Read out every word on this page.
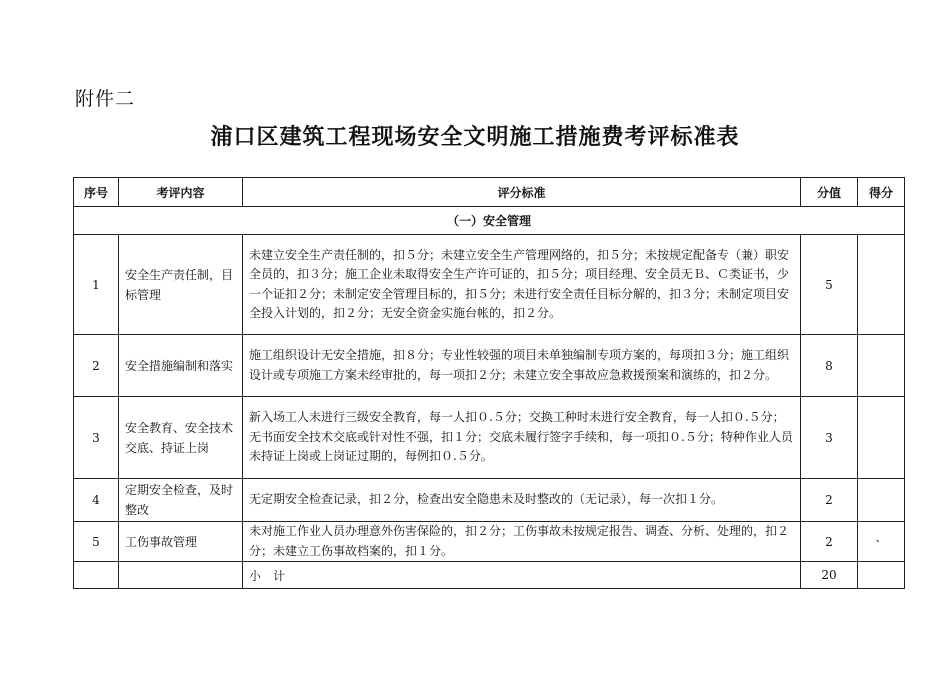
附件二
浦口区建筑工程现场安全文明施工措施费考评标准表
序号	考评内容	评分标准	分值	得分
（一）安全管理				
1	安全生产责任制，目标管理	未建立安全生产责任制的，扣５分；未建立安全生产管理网络的，扣５分；未按规定配备专（兼）职安全员的，扣３分；施工企业未取得安全生产许可证的，扣５分；项目经理、安全员无Ｂ、Ｃ类证书，少一个证扣２分；未制定安全管理目标的，扣５分；未进行安全责任目标分解的，扣３分；未制定项目安全投入计划的，扣２分；无安全资金实施台帐的，扣２分。	5	
2	安全措施编制和落实	施工组织设计无安全措施，扣８分；专业性较强的项目未单独编制专项方案的，每项扣３分；施工组织设计或专项施工方案未经审批的，每一项扣２分；未建立安全事故应急救援预案和演练的，扣２分。	8	
3	安全教育、安全技术交底、持证上岗	新入场工人未进行三级安全教育，每一人扣０.５分；交换工种时未进行安全教育，每一人扣０.５分；无书面安全技术交底或针对性不强，扣１分；交底未履行签字手续和，每一项扣０.５分；特种作业人员未持证上岗或上岗证过期的，每例扣０.５分。	3	
4	定期安全检查，及时整改	无定期安全检查记录，扣２分，检查出安全隐患未及时整改的（无记录），每一次扣１分。	2	
5	工伤事故管理	未对施工作业人员办理意外伤害保险的，扣２分；工伤事故未按规定报告、调查、分析、处理的，扣２分；未建立工伤事故档案的，扣１分。	2	、

		小　计	20	
